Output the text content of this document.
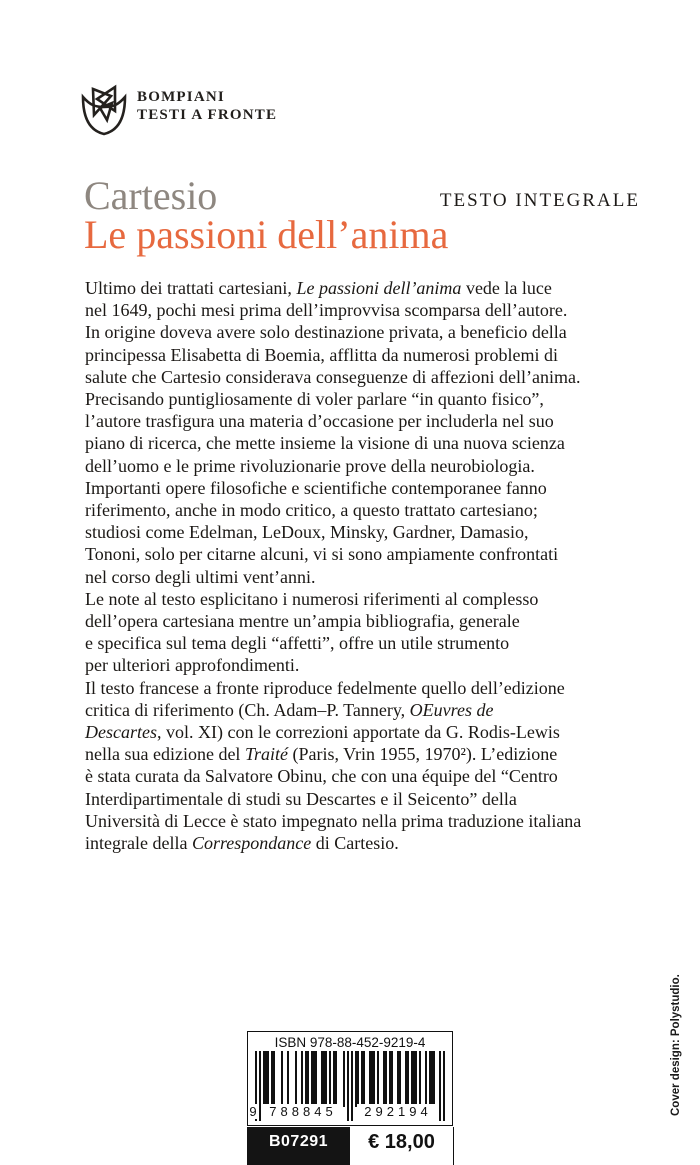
BOMPIANI
TESTI A FRONTE
Cartesio	TESTO INTEGRALE
Le passioni dell’anima
Ultimo dei trattati cartesiani, Le passioni dell’anima vede la luce
nel 1649, pochi mesi prima dell’improvvisa scomparsa dell’autore.
In origine doveva avere solo destinazione privata, a beneficio della
principessa Elisabetta di Boemia, afflitta da numerosi problemi di
salute che Cartesio considerava conseguenze di affezioni dell’anima.
Precisando puntigliosamente di voler parlare “in quanto fisico”,
l’autore trasfigura una materia d’occasione per includerla nel suo
piano di ricerca, che mette insieme la visione di una nuova scienza
dell’uomo e le prime rivoluzionarie prove della neurobiologia.
Importanti opere filosofiche e scientifiche contemporanee fanno
riferimento, anche in modo critico, a questo trattato cartesiano;
studiosi come Edelman, LeDoux, Minsky, Gardner, Damasio,
Tononi, solo per citarne alcuni, vi si sono ampiamente confrontati
nel corso degli ultimi vent’anni.
Le note al testo esplicitano i numerosi riferimenti al complesso
dell’opera cartesiana mentre un’ampia bibliografia, generale
e specifica sul tema degli “affetti”, offre un utile strumento
per ulteriori approfondimenti.
Il testo francese a fronte riproduce fedelmente quello dell’edizione
critica di riferimento (Ch. Adam–P. Tannery, OEuvres de
Descartes, vol. XI) con le correzioni apportate da G. Rodis-Lewis
nella sua edizione del Traité (Paris, Vrin 1955, 1970²). L’edizione
è stata curata da Salvatore Obinu, che con una équipe del “Centro
Interdipartimentale di studi su Descartes e il Seicento” della
Università di Lecce è stato impegnato nella prima traduzione italiana
integrale della Correspondance di Cartesio.
ISBN 978-88-452-9219-4
9 788845	292194
B07291	€ 18,00
Cover design: Polystudio.
